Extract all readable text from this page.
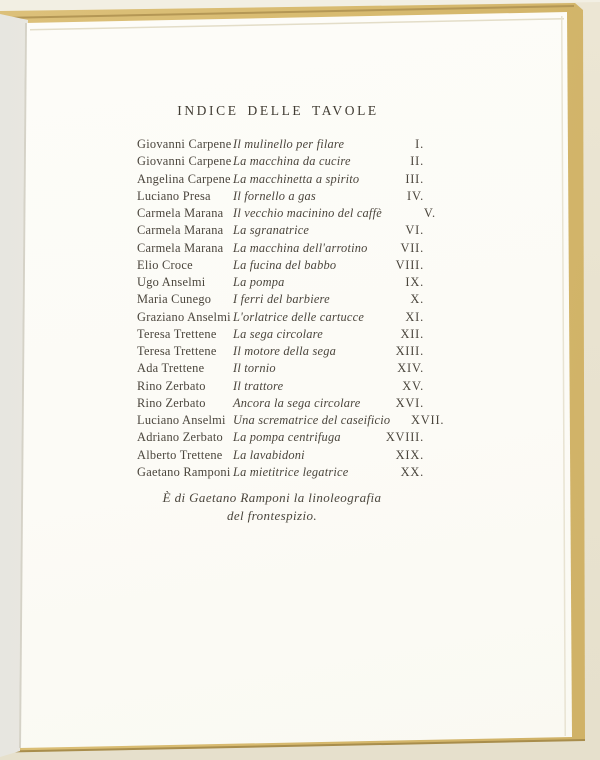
INDICE DELLE TAVOLE
Giovanni Carpene Il mulinello per filare	I.
Giovanni Carpene La macchina da cucire	II.
Angelina Carpene La macchinetta a spirito	III.
Luciano Presa	Il fornello a gas	IV.
Carmela Marana Il vecchio macinino del caffè	V.
Carmela Marana La sgranatrice	VI.
Carmela Marana La macchina dell'arrotino	VII.
Elio Croce	La fucina del babbo	VIII.
Ugo Anselmi	La pompa	IX.
Maria Cunego	I ferri del barbiere	X.
Graziano Anselmi L'orlatrice delle cartucce	XI.
Teresa Trettene	La sega circolare	XII.
Teresa Trettene	Il motore della sega	XIII.
Ada Trettene	Il tornio	XIV.
Rino Zerbato	Il trattore	XV.
Rino Zerbato	Ancora la sega circolare	XVI.
Luciano Anselmi Una scrematrice del caseificio	XVII.
Adriano Zerbato La pompa centrifuga	XVIII.
Alberto Trettene La lavabidoni	XIX.
Gaetano Ramponi La mietitrice legatrice	XX.
È di Gaetano Ramponi la linoleografia
del frontespizio.
